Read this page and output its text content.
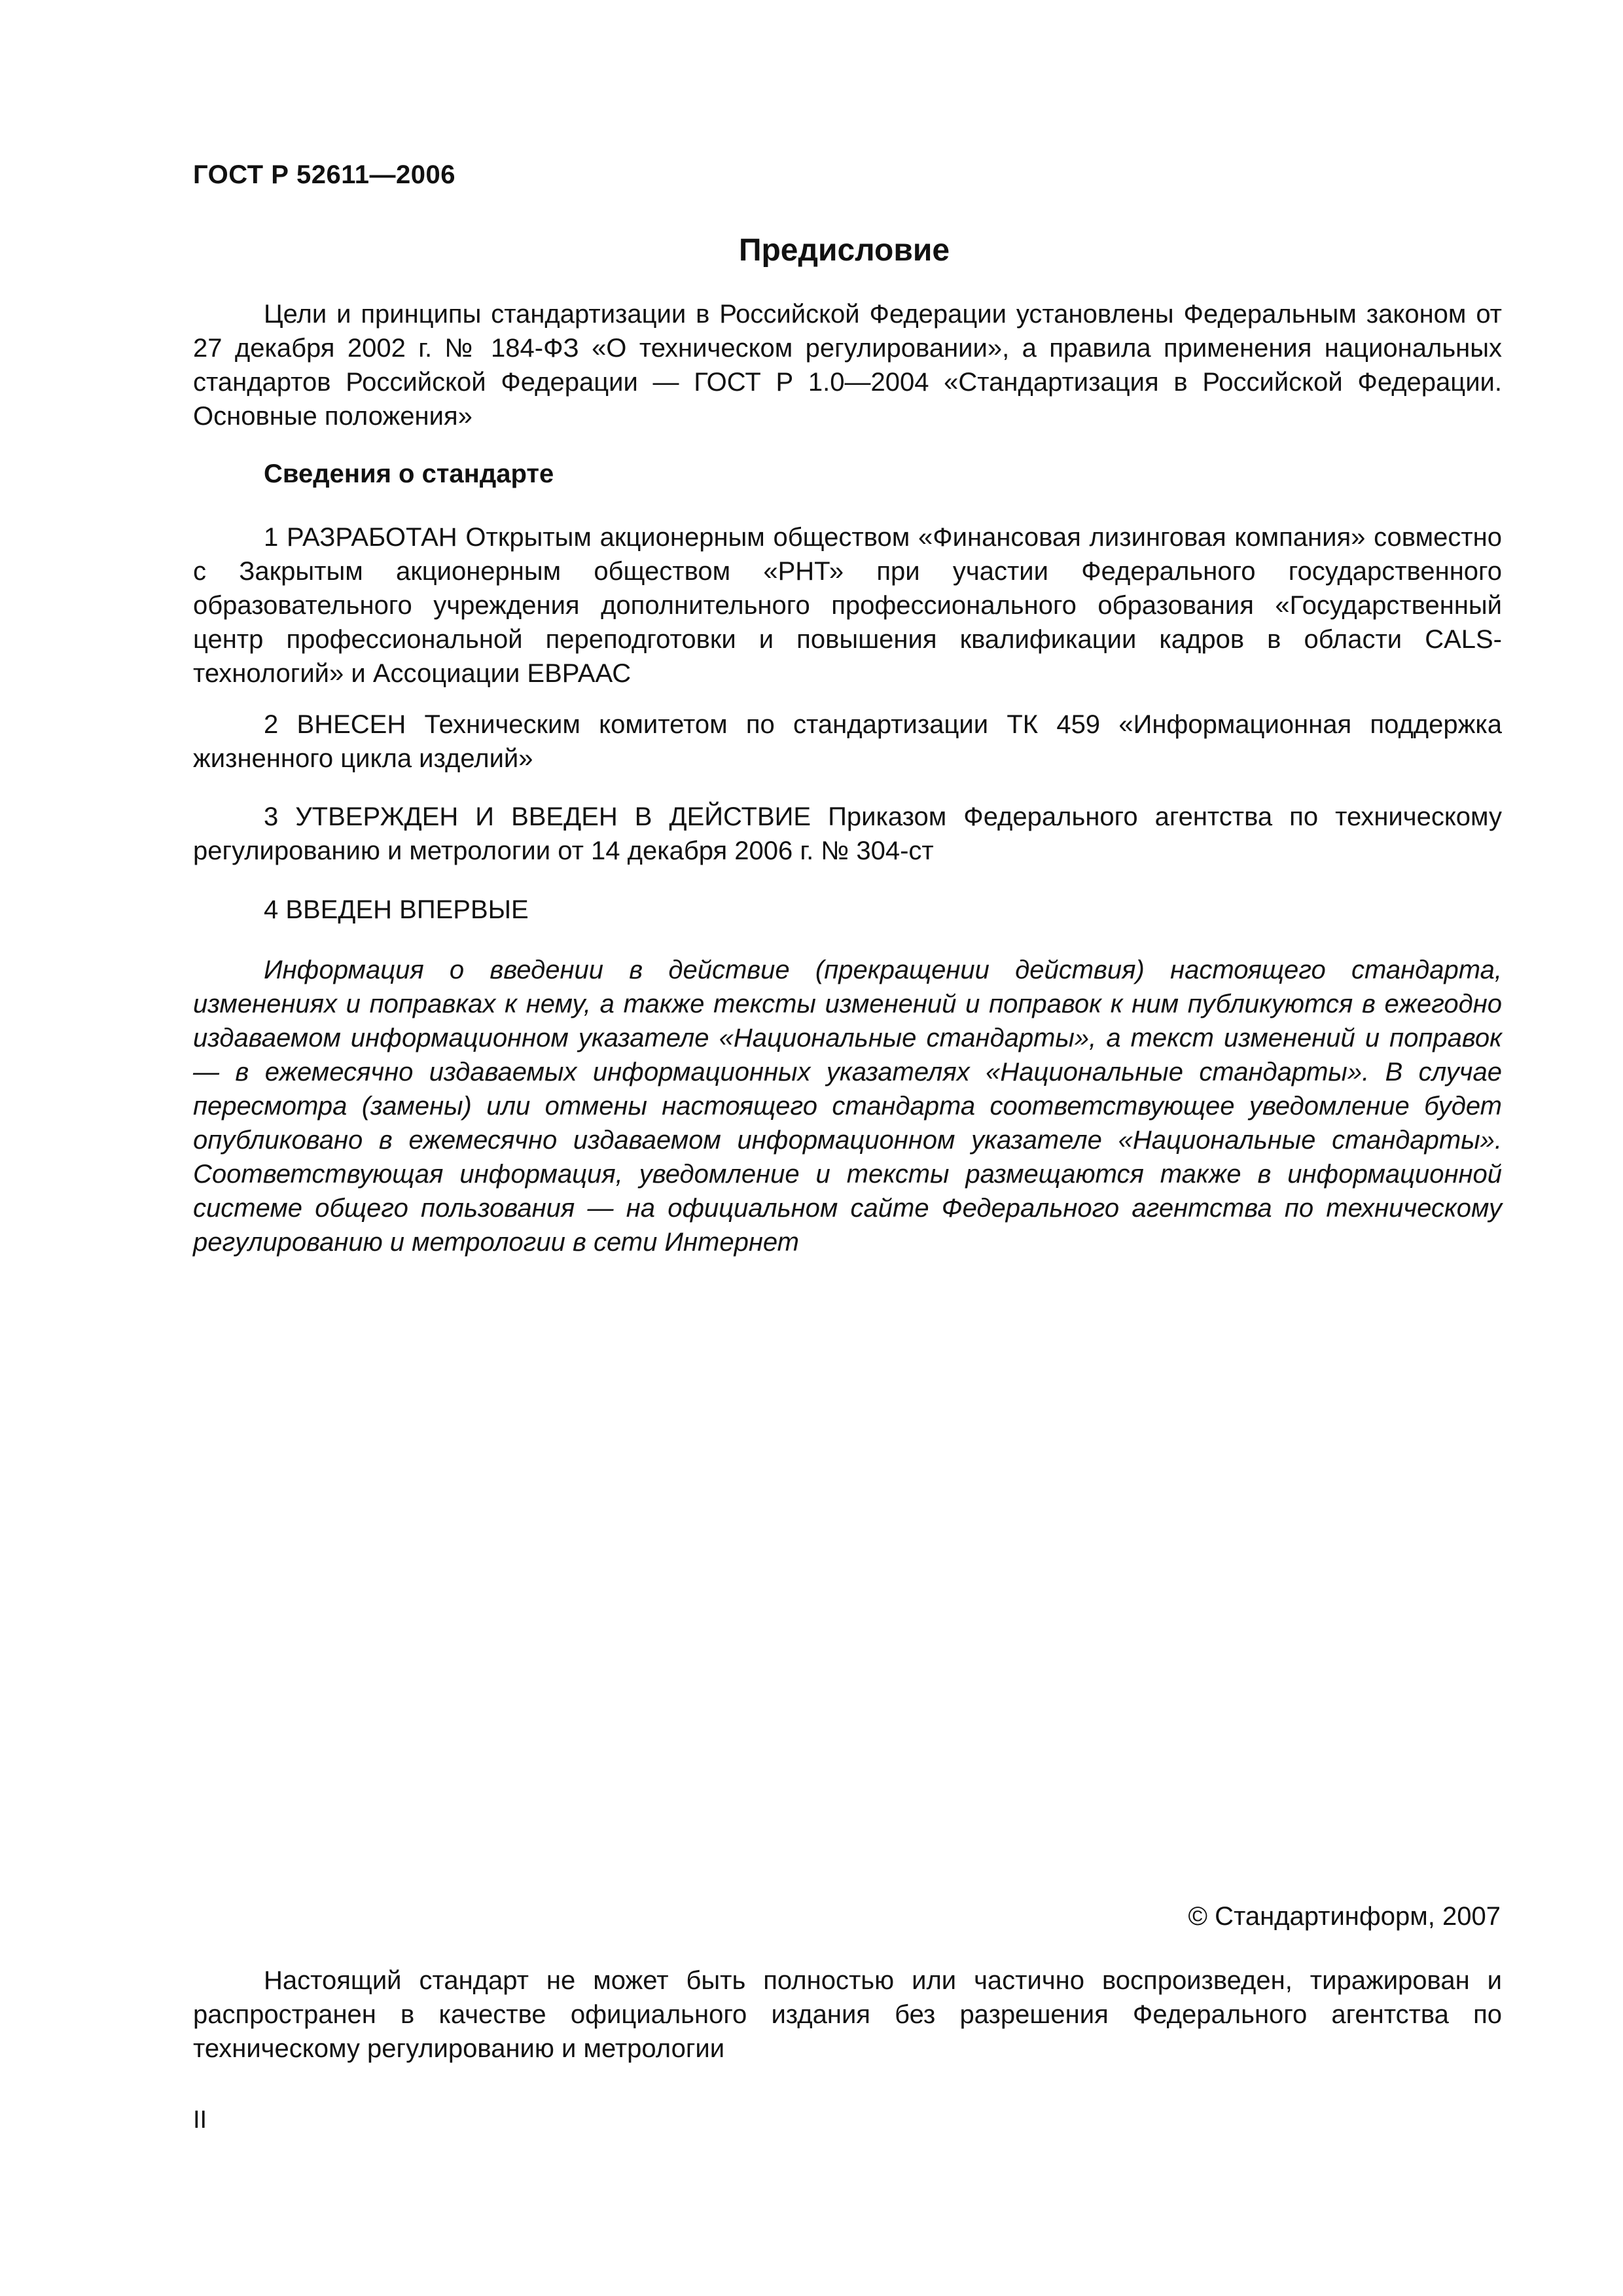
ГОСТ Р 52611—2006
Предисловие

Цели и принципы стандартизации в Российской Федерации установлены Федеральным законом от 27 декабря 2002 г. № 184-ФЗ «О техническом регулировании», а правила применения национальных стандартов Российской Федерации — ГОСТ Р 1.0—2004 «Стандартизация в Российской Федерации. Основные положения»

Сведения о стандарте

1 РАЗРАБОТАН Открытым акционерным обществом «Финансовая лизинговая компания» совместно с Закрытым акционерным обществом «РНТ» при участии Федерального государственного образовательного учреждения дополнительного профессионального образования «Государственный центр профессиональной переподготовки и повышения квалификации кадров в области CALS-технологий» и Ассоциации ЕВРААС

2 ВНЕСЕН Техническим комитетом по стандартизации ТК 459 «Информационная поддержка жизненного цикла изделий»

3 УТВЕРЖДЕН И ВВЕДЕН В ДЕЙСТВИЕ Приказом Федерального агентства по техническому регулированию и метрологии от 14 декабря 2006 г. № 304-ст

4 ВВЕДЕН ВПЕРВЫЕ

Информация о введении в действие (прекращении действия) настоящего стандарта, изменениях и поправках к нему, а также тексты изменений и поправок к ним публикуются в ежегодно издаваемом информационном указателе «Национальные стандарты», а текст изменений и поправок — в ежемесячно издаваемых информационных указателях «Национальные стандарты». В случае пересмотра (замены) или отмены настоящего стандарта соответствующее уведомление будет опубликовано в ежемесячно издаваемом информационном указателе «Национальные стандарты». Соответствующая информация, уведомление и тексты размещаются также в информационной системе общего пользования — на официальном сайте Федерального агентства по техническому регулированию и метрологии в сети Интернет

© Стандартинформ, 2007

Настоящий стандарт не может быть полностью или частично воспроизведен, тиражирован и распространен в качестве официального издания без разрешения Федерального агентства по техническому регулированию и метрологии

II
